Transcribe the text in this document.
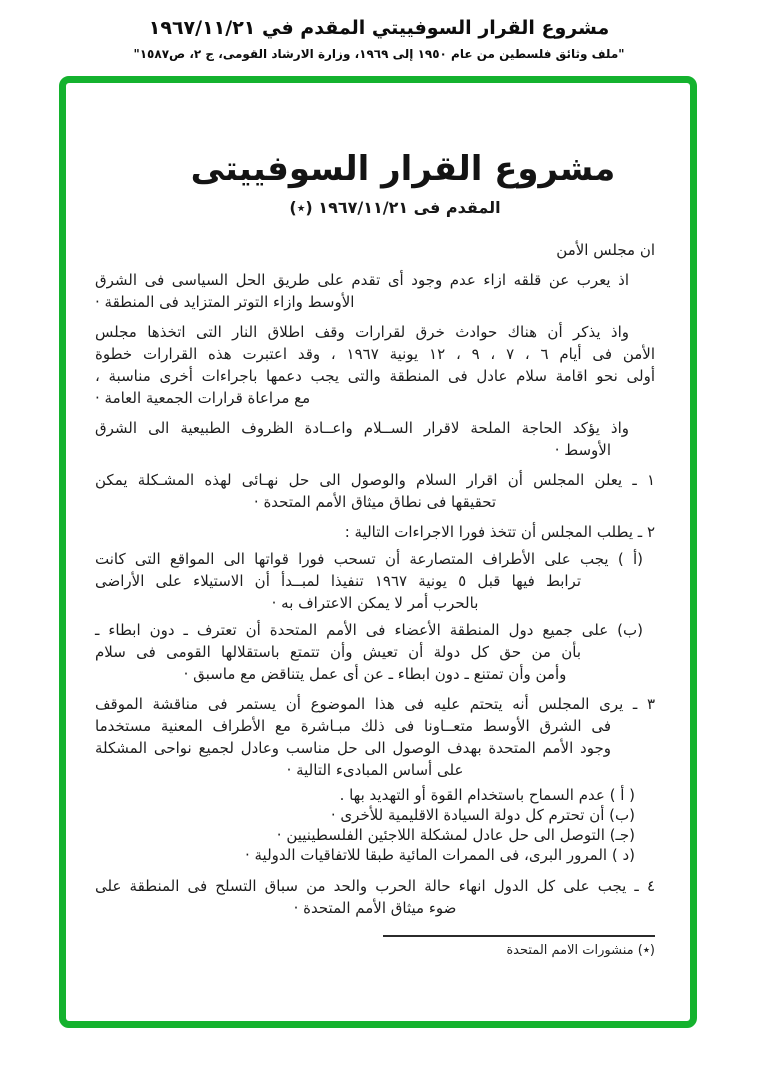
مشروع القرار السوفييتي المقدم في ١٩٦٧/١١/٢١
"ملف وثائق فلسطين من عام ١٩٥٠ إلى ١٩٦٩، وزارة الارشاد القومى، ج ٢، ص١٥٨٧"
مشروع القرار السوفييتى
المقدم فى ١٩٦٧/١١/٢١ (٭)
ان مجلس الأمن
اذ يعرب عن قلقه ازاء عدم وجود أى تقدم على طريق الحل السياسى فى الشرق
الأوسط وازاء التوتر المتزايد فى المنطقة ·
واذ يذكر أن هناك حوادث خرق لقرارات وقف اطلاق النار التى اتخذها مجلس
الأمن فى أيام ٦ ، ٧ ، ٩ ، ١٢ يونية ١٩٦٧ ، وقد اعتبرت هذه القرارات خطوة
أولى نحو اقامة سلام عادل فى المنطقة والتى يجب دعمها باجراءات أخرى مناسبة ،
مع مراعاة قرارات الجمعية العامة ·
واذ يؤكد الحاجة الملحة لاقرار الســلام واعــادة الظروف الطبيعية الى الشرق
الأوسط ·
١ ـ يعلن المجلس أن اقرار السلام والوصول الى حل نهـائى لهذه المشـكلة يمكن
تحقيقها فى نطاق ميثاق الأمم المتحدة ·
٢ ـ يطلب المجلس أن تتخذ فورا الاجراءات التالية :
(أ ) يجب على الأطراف المتصارعة أن تسحب فورا قواتها الى المواقع التى كانت
ترابط فيها قبل ٥ يونية ١٩٦٧ تنفيذا لمبــدأ أن الاستيلاء على الأراضى
بالحرب أمر لا يمكن الاعتراف به ·
(ب) على جميع دول المنطقة الأعضاء فى الأمم المتحدة أن تعترف ـ دون ابطاء ـ
بأن من حق كل دولة أن تعيش وأن تتمتع باستقلالها القومى فى سلام
وأمن وأن تمتنع ـ دون ابطاء ـ عن أى عمل يتناقض مع ماسبق ·
٣ ـ يرى المجلس أنه يتحتم عليه فى هذا الموضوع أن يستمر فى مناقشة الموقف
فى الشرق الأوسط متعــاونا فى ذلك مبـاشرة مع الأطراف المعنية مستخدما
وجود الأمم المتحدة بهدف الوصول الى حل مناسب وعادل لجميع نواحى المشكلة
على أساس المبادىء التالية ·
( أ ) عدم السماح باستخدام القوة أو التهديد بها .
(ب) أن تحترم كل دولة السيادة الاقليمية للأخرى ·
(جـ) التوصل الى حل عادل لمشكلة اللاجئين الفلسطينيين ·
(د ) المرور البرى، فى الممرات المائية طبقا للاتفاقيات الدولية ·
٤ ـ يجب على كل الدول انهاء حالة الحرب والحد من سباق التسلح فى المنطقة على
ضوء ميثاق الأمم المتحدة ·
(٭) منشورات الامم المتحدة
